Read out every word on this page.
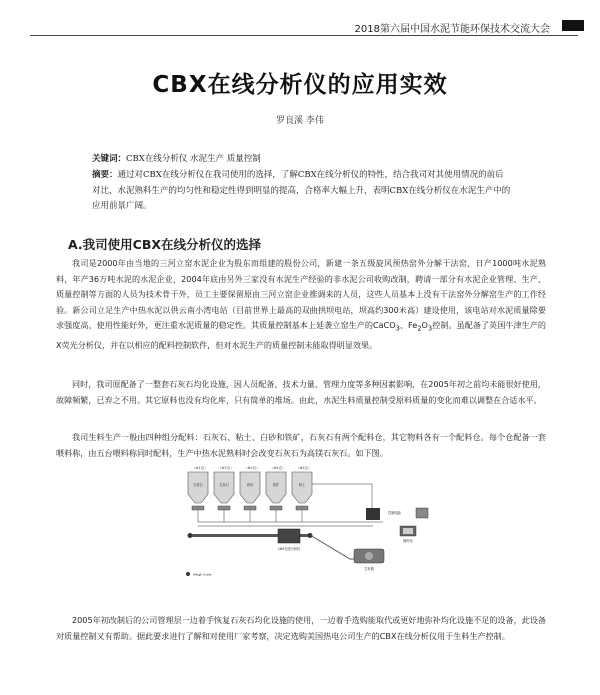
2018第六届中国水泥节能环保技术交流大会
CBX在线分析仪的应用实效
罗良溪 李伟
关键词：CBX在线分析仪 水泥生产 质量控制
摘要：通过对CBX在线分析仪在我司使用的选择，了解CBX在线分析仪的特性，结合我司对其使用情况的前后对比，水泥熟料生产的均匀性和稳定性得到明显的提高，合格率大幅上升，表明CBX在线分析仪在水泥生产中的应用前景广阔。
A.我司使用CBX在线分析仪的选择
我司是2000年由当地的三河立窑水泥企业为股东而组建的股份公司，新建一条五级旋风预热窑外分解干法窑，日产1000吨水泥熟料，年产36万吨水泥的水泥企业，2004年底由另外三家没有水泥生产经验的非水泥公司收购改制，聘请一部分有水泥企业管理、生产、质量控制等方面的人员为技术骨干外，员工主要保留原由三河立窑企业推调来的人员，这些人员基本上没有干法窑外分解窑生产的工作经验。新公司立足生产中热水泥以供云南小湾电站（目前世界上最高的双曲拱坝电站，坝高约300米高）建设使用，该电站对水泥质量除要求强度高、使用性能好外，更注重水泥质量的稳定性。其质量控制基本上延袭立窑生产的CaCO$_3$、$Fe_2O_3$控制。虽配备了英国牛津生产的X荧光分析仪，并在以相应的配料控制软件，但对水泥生产的质量控制未能取得明显效果。
同时，我司原配备了一整套石灰石均化设施，因人员配备、技术力量、管理力度等多种因素影响，在2005年初之前均未能很好使用，故障频繁，已弃之不用。其它原料也没有均化库，只有简单的堆场。由此，水泥生料质量控制受原料质量的变化而难以调整在合适水平。
我司生料生产一般由四种组分配料：石灰石、粘土、白砂和铁矿，石灰石有两个配料仓，其它物料各有一个配料仓。每个仓配备一套喂料称，由五台喂料称同时配料，生产中热水泥熟料时会改变石灰石为高镁石灰石。如下图。
（#1仓）	（#2仓）	（#3仓）	（#4仓）	（#5仓）
石灰石	石灰石	砂岩	铁矿	粘土
CBX在线分析仪
生料磨
控制电脑
操作站
Weigh Scale
2005年初改制后的公司管理层一边着手恢复石灰石均化设施的使用，一边着手选购能取代或更好地弥补均化设施不足的设备，此设备对质量控制又有帮助。据此要求进行了解和对使用厂家考察，决定选购美国热电公司生产的CBX在线分析仪用于生料生产控制。
